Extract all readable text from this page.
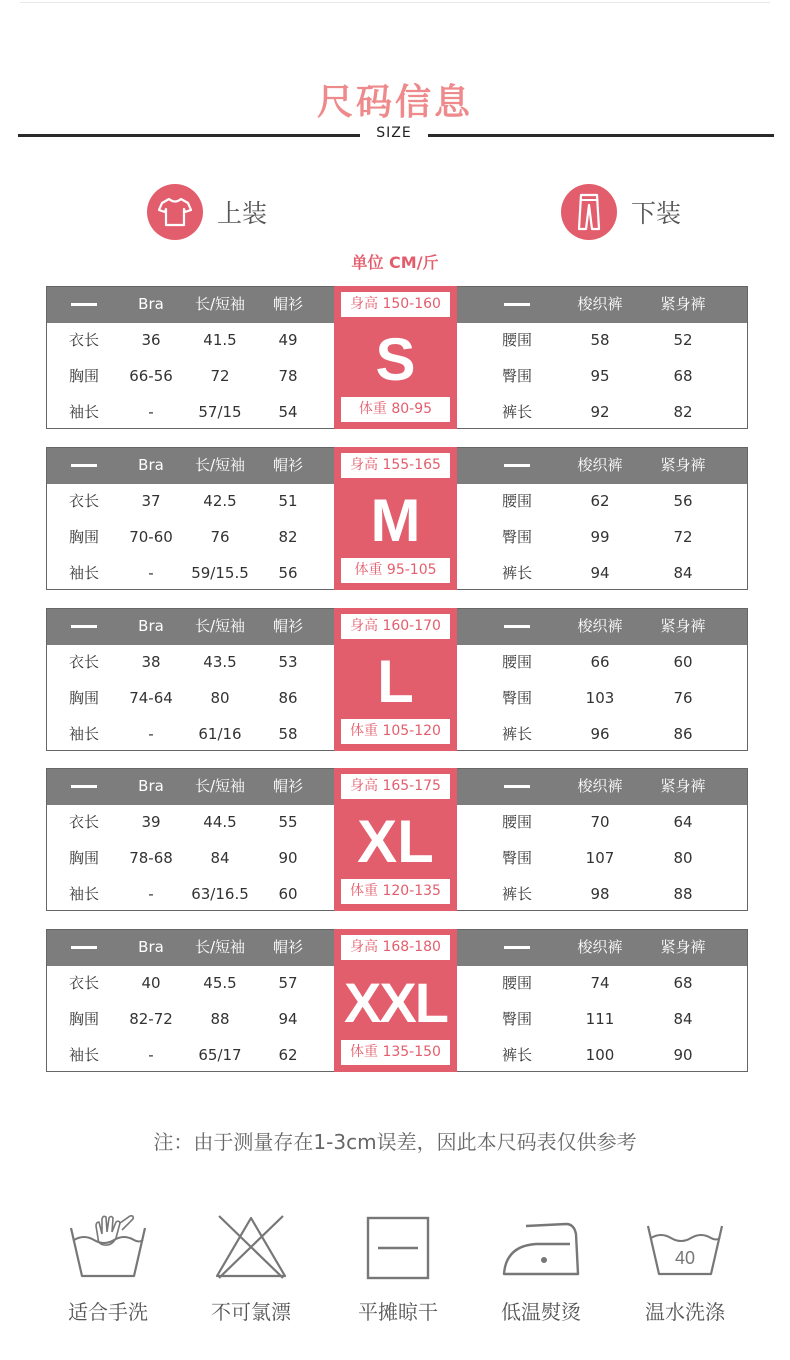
尺码信息
SIZE
上装	下装
单位 CM/斤
Bra	长/短袖	帽衫	梭织裤	紧身裤
衣长	36	41.5	49
胸围	66-56	72	78
袖长	-	57/15	54
腰围	58	52
臀围	95	68
裤长	92	82
身高 150-160
S
体重 80-95
Bra	长/短袖	帽衫	梭织裤	紧身裤
衣长	37	42.5	51
胸围	70-60	76	82
袖长	-	59/15.5	56
腰围	62	56
臀围	99	72
裤长	94	84
身高 155-165
M
体重 95-105
Bra	长/短袖	帽衫	梭织裤	紧身裤
衣长	38	43.5	53
胸围	74-64	80	86
袖长	-	61/16	58
腰围	66	60
臀围	103	76
裤长	96	86
身高 160-170
L
体重 105-120
Bra	长/短袖	帽衫	梭织裤	紧身裤
衣长	39	44.5	55
胸围	78-68	84	90
袖长	-	63/16.5	60
腰围	70	64
臀围	107	80
裤长	98	88
身高 165-175
XL
体重 120-135
Bra	长/短袖	帽衫	梭织裤	紧身裤
衣长	40	45.5	57
胸围	82-72	88	94
袖长	-	65/17	62
腰围	74	68
臀围	111	84
裤长	100	90
身高 168-180
XXL
体重 135-150
注：由于测量存在1-3cm误差，因此本尺码表仅供参考
适合手洗	不可氯漂	平摊晾干	低温熨烫
40
温水洗涤
